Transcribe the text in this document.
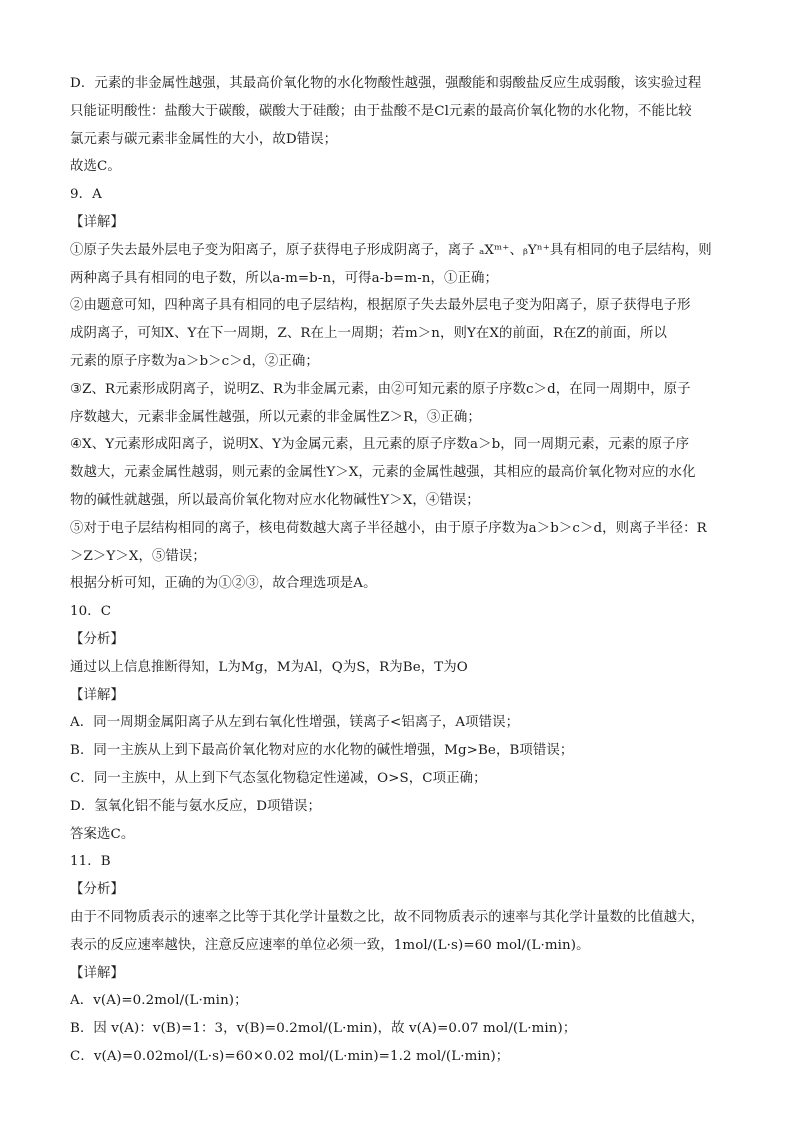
D．元素的非金属性越强，其最高价氧化物的水化物酸性越强，强酸能和弱酸盐反应生成弱酸，该实验过程
只能证明酸性：盐酸大于碳酸，碳酸大于硅酸；由于盐酸不是Cl元素的最高价氧化物的水化物，不能比较
氯元素与碳元素非金属性的大小，故D错误；
故选C。
9．A
【详解】
①原子失去最外层电子变为阳离子，原子获得电子形成阴离子，离子 ₐXᵐ⁺、ᵦYⁿ⁺具有相同的电子层结构，则
两种离子具有相同的电子数，所以a-m=b-n，可得a-b=m-n，①正确；
②由题意可知，四种离子具有相同的电子层结构，根据原子失去最外层电子变为阳离子，原子获得电子形
成阴离子，可知X、Y在下一周期，Z、R在上一周期；若m＞n，则Y在X的前面，R在Z的前面，所以
元素的原子序数为a＞b＞c＞d，②正确；
③Z、R元素形成阴离子，说明Z、R为非金属元素，由②可知元素的原子序数c＞d，在同一周期中，原子
序数越大，元素非金属性越强，所以元素的非金属性Z＞R，③正确；
④X、Y元素形成阳离子，说明X、Y为金属元素，且元素的原子序数a＞b，同一周期元素，元素的原子序
数越大，元素金属性越弱，则元素的金属性Y＞X，元素的金属性越强，其相应的最高价氧化物对应的水化
物的碱性就越强，所以最高价氧化物对应水化物碱性Y＞X，④错误；
⑤对于电子层结构相同的离子，核电荷数越大离子半径越小，由于原子序数为a＞b＞c＞d，则离子半径：R
＞Z＞Y＞X，⑤错误；
根据分析可知，正确的为①②③，故合理选项是A。
10．C
【分析】
通过以上信息推断得知，L为Mg，M为Al，Q为S，R为Be，T为O
【详解】
A．同一周期金属阳离子从左到右氧化性增强，镁离子<铝离子，A项错误；
B．同一主族从上到下最高价氧化物对应的水化物的碱性增强，Mg>Be，B项错误；
C．同一主族中，从上到下气态氢化物稳定性递减，O>S，C项正确；
D．氢氧化铝不能与氨水反应，D项错误；
答案选C。
11．B
【分析】
由于不同物质表示的速率之比等于其化学计量数之比，故不同物质表示的速率与其化学计量数的比值越大，
表示的反应速率越快，注意反应速率的单位必须一致，1mol/(L·s)=60 mol/(L·min)。
【详解】
A．v(A)=0.2mol/(L·min)；
B．因 v(A)：v(B)=1：3，v(B)=0.2mol/(L·min)，故 v(A)=0.07 mol/(L·min)；
C．v(A)=0.02mol/(L·s)=60×0.02 mol/(L·min)=1.2 mol/(L·min)；
